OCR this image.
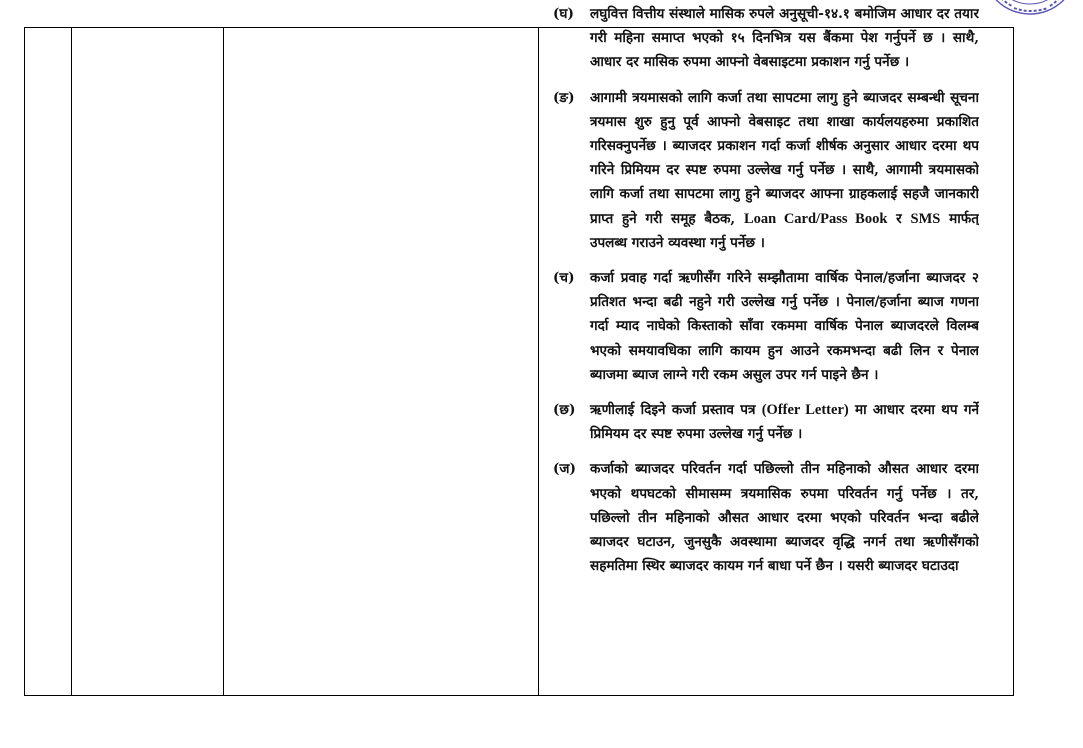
(घ) लघुवित्त वित्तीय संस्थाले मासिक रुपले अनुसूची-१४.१ बमोजिम आधार दर तयार गरी महिना समाप्त भएको १५ दिनभित्र यस बैंकमा पेश गर्नुपर्ने छ । साथै, आधार दर मासिक रुपमा आफ्नो वेबसाइटमा प्रकाशन गर्नु पर्नेछ ।

(ङ) आगामी त्रयमासको लागि कर्जा तथा सापटमा लागु हुने ब्याजदर सम्बन्धी सूचना त्रयमास शुरु हुनु पूर्व आफ्नो वेबसाइट तथा शाखा कार्यलयहरुमा प्रकाशित गरिसक्नुपर्नेछ । ब्याजदर प्रकाशन गर्दा कर्जा शीर्षक अनुसार आधार दरमा थप गरिने प्रिमियम दर स्पष्ट रुपमा उल्लेख गर्नु पर्नेछ । साथै, आगामी त्रयमासको लागि कर्जा तथा सापटमा लागु हुने ब्याजदर आफ्ना ग्राहकलाई सहजै जानकारी प्राप्त हुने गरी समूह बैठक, Loan Card/Pass Book र SMS मार्फत् उपलब्ध गराउने व्यवस्था गर्नु पर्नेछ ।

(च) कर्जा प्रवाह गर्दा ऋणीसँग गरिने सम्झौतामा वार्षिक पेनाल/हर्जाना ब्याजदर २ प्रतिशत भन्दा बढी नहुने गरी उल्लेख गर्नु पर्नेछ । पेनाल/हर्जाना ब्याज गणना गर्दा म्याद नाघेको किस्ताको साँवा रकममा वार्षिक पेनाल ब्याजदरले विलम्ब भएको समयावधिका लागि कायम हुन आउने रकमभन्दा बढी लिन र पेनाल ब्याजमा ब्याज लाग्ने गरी रकम असुल उपर गर्न पाइने छैन ।

(छ) ऋणीलाई दिइने कर्जा प्रस्ताव पत्र (Offer Letter) मा आधार दरमा थप गर्ने प्रिमियम दर स्पष्ट रुपमा उल्लेख गर्नु पर्नेछ ।

(ज) कर्जाको ब्याजदर परिवर्तन गर्दा पछिल्लो तीन महिनाको औसत आधार दरमा भएको थपघटको सीमासम्म त्रयमासिक रुपमा परिवर्तन गर्नु पर्नेछ । तर, पछिल्लो तीन महिनाको औसत आधार दरमा भएको परिवर्तन भन्दा बढीले ब्याजदर घटाउन, जुनसुकै अवस्थामा ब्याजदर वृद्धि नगर्न तथा ऋणीसँगको सहमतिमा स्थिर ब्याजदर कायम गर्न बाधा पर्ने छैन । यसरी ब्याजदर घटाउदा
